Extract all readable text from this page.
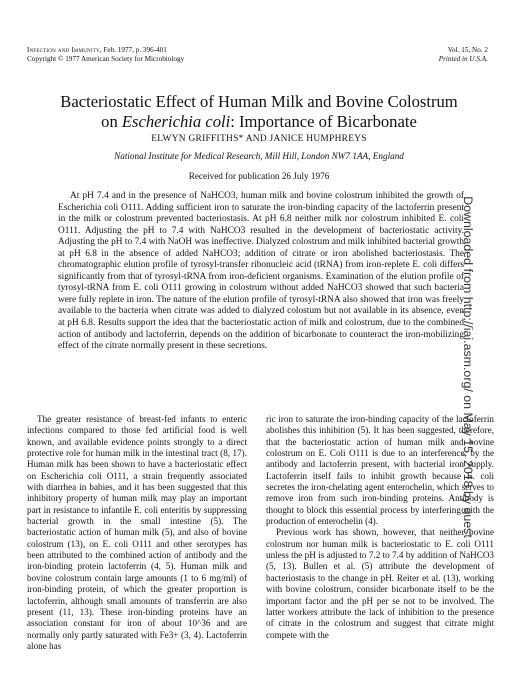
Infection and Immunity, Feb. 1977, p. 396-401
Copyright © 1977 American Society for Microbiology
Vol. 15, No. 2
Printed in U.S.A.
Bacteriostatic Effect of Human Milk and Bovine Colostrum
on Escherichia coli: Importance of Bicarbonate
ELWYN GRIFFITHS* AND JANICE HUMPHREYS
National Institute for Medical Research, Mill Hill, London NW7 1AA, England
Received for publication 26 July 1976
At pH 7.4 and in the presence of NaHCO3, human milk and bovine colostrum inhibited the growth of Escherichia coli O111. Adding sufficient iron to saturate the iron-binding capacity of the lactoferrin present in the milk or colostrum prevented bacteriostasis. At pH 6.8 neither milk nor colostrum inhibited E. coli O111. Adjusting the pH to 7.4 with NaHCO3 resulted in the development of bacteriostatic activity. Adjusting the pH to 7.4 with NaOH was ineffective. Dialyzed colostrum and milk inhibited bacterial growth at pH 6.8 in the absence of added NaHCO3; addition of citrate or iron abolished bacteriostasis. The chromatographic elution profile of tyrosyl-transfer ribonucleic acid (tRNA) from iron-replete E. coli differs significantly from that of tyrosyl-tRNA from iron-deficient organisms. Examination of the elution profile of tyrosyl-tRNA from E. coli O111 growing in colostrum without added NaHCO3 showed that such bacteria were fully replete in iron. The nature of the elution profile of tyrosyl-tRNA also showed that iron was freely available to the bacteria when citrate was added to dialyzed colostum but not available in its absence, even at pH 6.8. Results support the idea that the bacteriostatic action of milk and colostrum, due to the combined action of antibody and lactoferrin, depends on the addition of bicarbonate to counteract the iron-mobilizing effect of the citrate normally present in these secretions.
The greater resistance of breast-fed infants to enteric infections compared to those fed artificial food is well known, and available evidence points strongly to a direct protective role for human milk in the intestinal tract (8, 17). Human milk has been shown to have a bacteriostatic effect on Escherichia coli O111, a strain frequently associated with diarrhea in babies, and it has been suggested that this inhibitory property of human milk may play an important part in resistance to infantile E. coli enteritis by suppressing bacterial growth in the small intestine (5). The bacteriostatic action of human milk (5), and also of bovine colostrum (13), on E. coli O111 and other serotypes has been attributed to the combined action of antibody and the iron-binding protein lactoferrin (4, 5). Human milk and bovine colostrum contain large amounts (1 to 6 mg/ml) of iron-binding protein, of which the greater proportion is lactoferrin, although small amounts of transferrin are also present (11, 13). These iron-binding proteins have an association constant for iron of about 10^36 and are normally only partly saturated with Fe3+ (3, 4). Lactoferrin alone has

ric iron to saturate the iron-binding capacity of the lactoferrin abolishes this inhibition (5). It has been suggested, therefore, that the bacteriostatic action of human milk and bovine colostrum on E. Coli O111 is due to an interference, by the antibody and lactoferrin present, with bacterial iron supply. Lactoferrin itself fails to inhibit growth because E. coli secretes the iron-chelating agent enterochelin, which serves to remove iron from such iron-binding proteins. Antibody is thought to block this essential process by interfering with the production of enterochelin (4).

Previous work has shown, however, that neither bovine colostrum nor human milk is bacteriostatic to E. coli O111 unless the pH is adjusted to 7.2 to 7.4 by addition of NaHCO3 (5, 13). Bullen et al. (5) attribute the development of bacteriostasis to the change in pH. Reiter et al. (13), working with bovine colostrum, consider bicarbonate itself to be the important factor and the pH per se not to be involved. The latter workers attribute the lack of inhibition to the presence of citrate in the colostrum and suggest that citrate might compete with the

Downloaded from http://iai.asm.org/ on May 15, 2018 by guest
